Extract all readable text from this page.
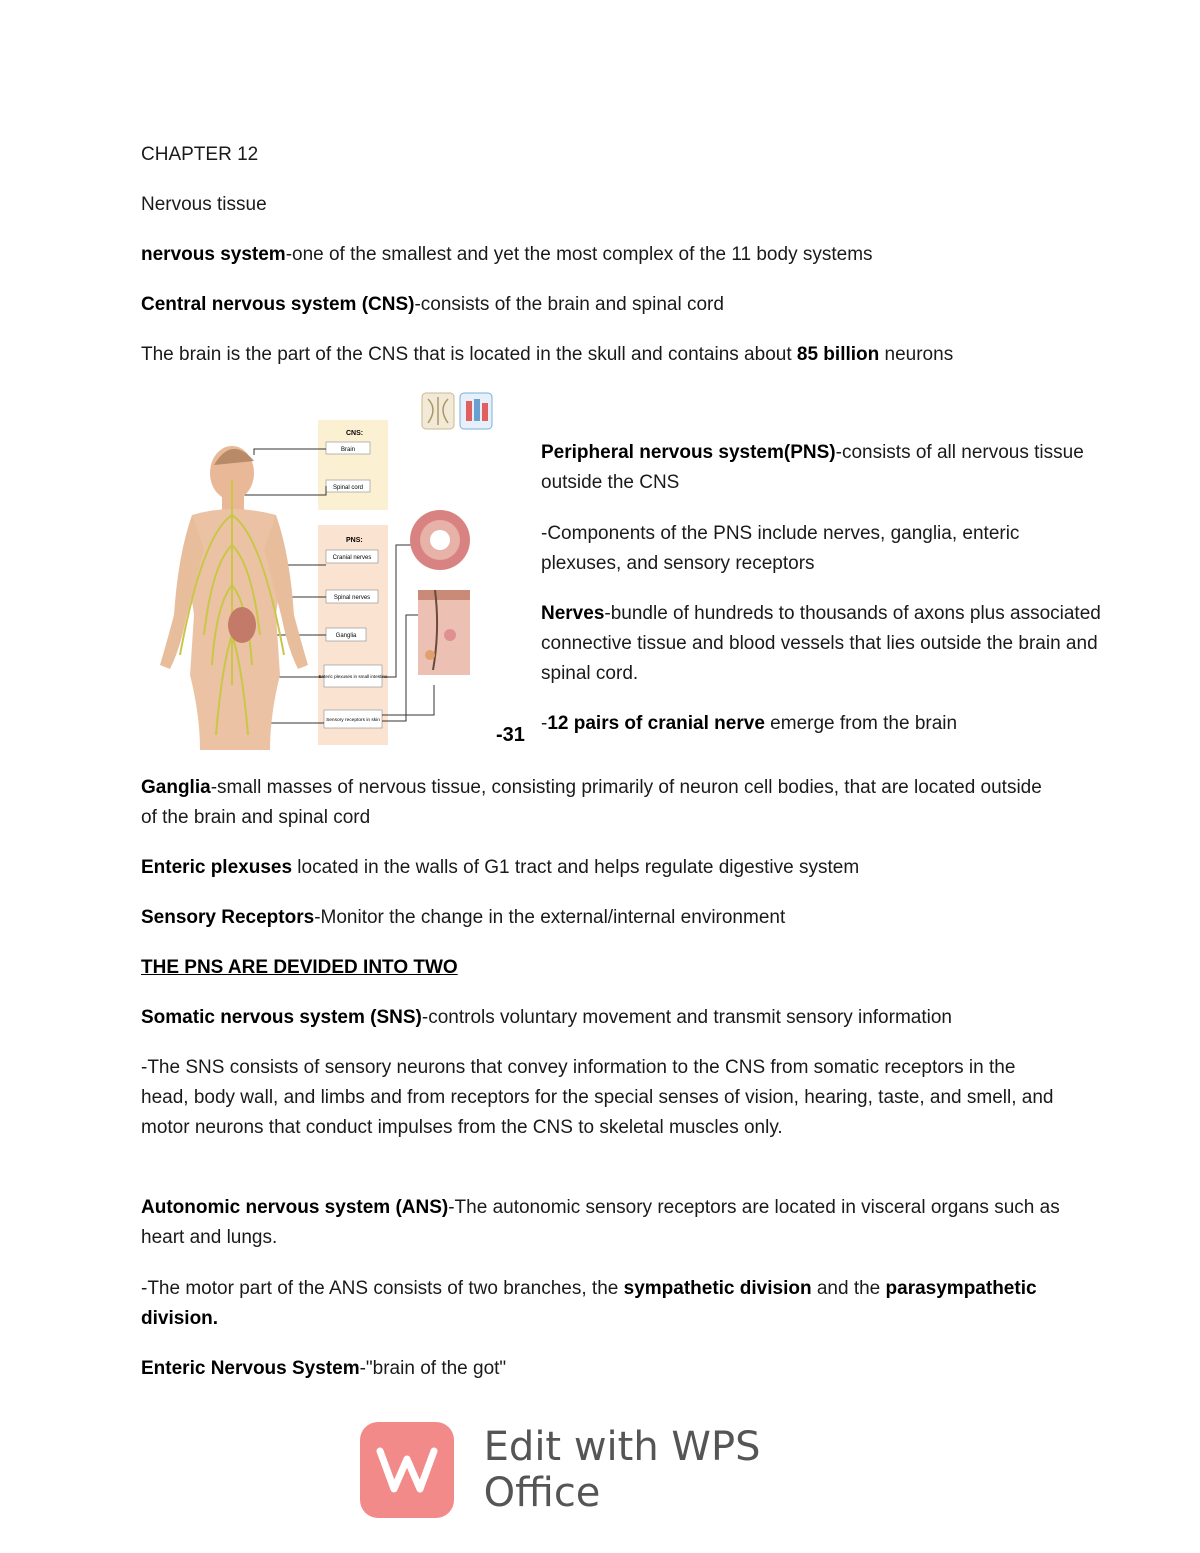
CHAPTER 12
Nervous tissue
nervous system-one of the smallest and yet the most complex of the 11 body systems
Central nervous system (CNS)-consists of the brain and spinal cord
The brain is the part of the CNS that is located in the skull and contains about 85 billion neurons
CNS:
Brain
Spinal cord
PNS:
Cranial nerves
Spinal nerves
Ganglia
Enteric plexuses in small intestine
Sensory receptors in skin
-31
Peripheral nervous system(PNS)-consists of all nervous tissue outside the CNS
-Components of the PNS include nerves, ganglia, enteric plexuses, and sensory receptors
Nerves-bundle of hundreds to thousands of axons plus associated connective tissue and blood vessels that lies outside the brain and spinal cord.
-12 pairs of cranial nerve emerge from the brain
Ganglia-small masses of nervous tissue, consisting primarily of neuron cell bodies, that are located outside of the brain and spinal cord
Enteric plexuses located in the walls of G1 tract and helps regulate digestive system
Sensory Receptors-Monitor the change in the external/internal environment
THE PNS ARE DEVIDED INTO TWO
Somatic nervous system (SNS)-controls voluntary movement and transmit sensory information
-The SNS consists of sensory neurons that convey information to the CNS from somatic receptors in the head, body wall, and limbs and from receptors for the special senses of vision, hearing, taste, and smell, and motor neurons that conduct impulses from the CNS to skeletal muscles only.
Autonomic nervous system (ANS)-The autonomic sensory receptors are located in visceral organs such as heart and lungs.
-The motor part of the ANS consists of two branches, the sympathetic division and the parasympathetic division.
Enteric Nervous System-"brain of the got"
Edit with WPS Office
